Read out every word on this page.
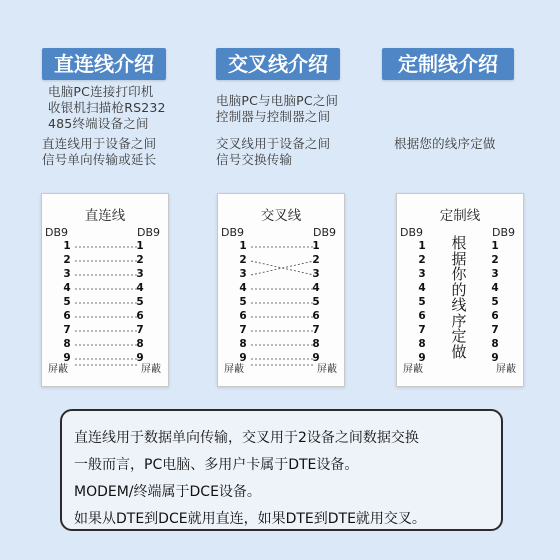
直连线介绍
电脑PC连接打印机
收银机扫描枪RS232
485终端设备之间
直连线用于设备之间
信号单向传输或延长
直连线
DB9	DB9
屏蔽	屏蔽
1	1
2	2
3	3
4	4
5	5
6	6
7	7
8	8
9	9
交叉线介绍
电脑PC与电脑PC之间
控制器与控制器之间
交叉线用于设备之间
信号交换传输
交叉线
DB9	DB9
屏蔽	屏蔽
1	1
2	2
3	3
4	4
5	5
6	6
7	7
8	8
9	9
定制线介绍
根据您的线序定做
定制线
DB9	DB9
根据你的线序定做
屏蔽	屏蔽
1	1
2	2
3	3
4	4
5	5
6	6
7	7
8	8
9	9
直连线用于数据单向传输，交叉用于2设备之间数据交换
一般而言，PC电脑、多用户卡属于DTE设备。
MODEM/终端属于DCE设备。
如果从DTE到DCE就用直连，如果DTE到DTE就用交叉。
